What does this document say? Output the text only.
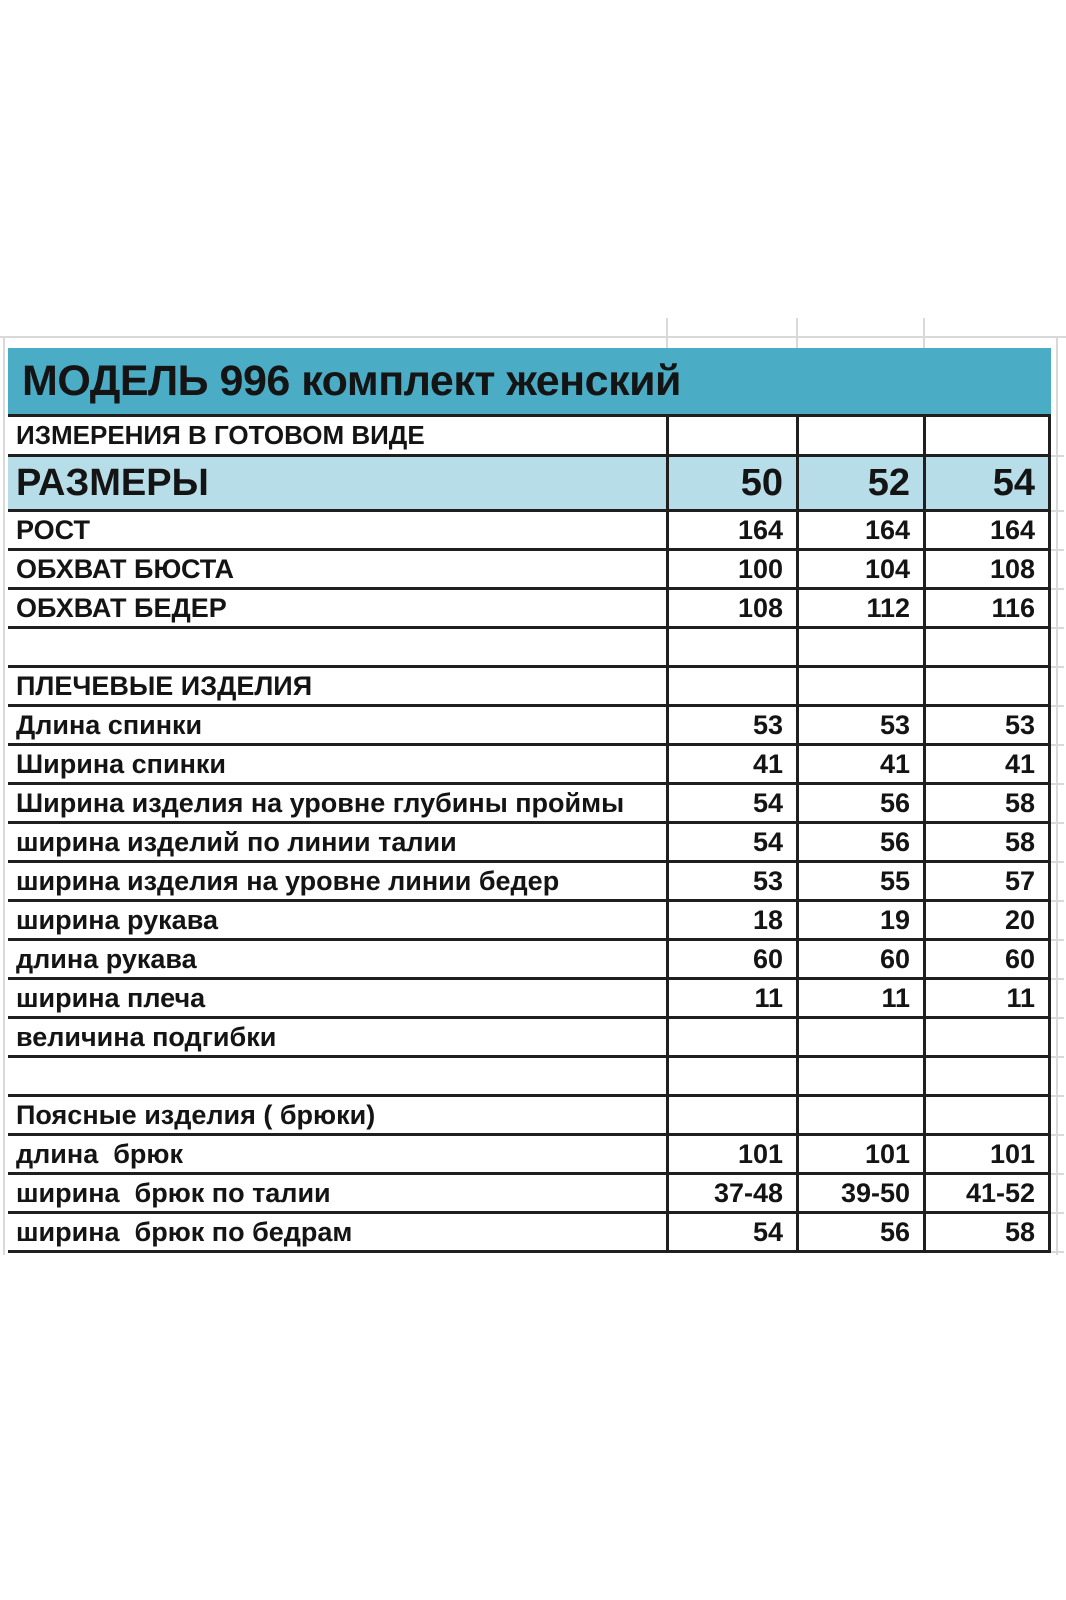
МОДЕЛЬ 996 комплект женский
ИЗМЕРЕНИЯ В ГОТОВОМ ВИДЕ
РАЗМЕРЫ	50	52	54
РОСТ	164	164	164
ОБХВАТ БЮСТА	100	104	108
ОБХВАТ БЕДЕР	108	112	116
ПЛЕЧЕВЫЕ ИЗДЕЛИЯ
Длина спинки	53	53	53
Ширина спинки	41	41	41
Ширина изделия на уровне глубины проймы	54	56	58
ширина изделий по линии талии	54	56	58
ширина изделия на уровне линии бедер	53	55	57
ширина рукава	18	19	20
длина рукава	60	60	60
ширина плеча	11	11	11
величина подгибки
Поясные изделия ( брюки)
длина  брюк	101	101	101
ширина  брюк по талии	37-48	39-50	41-52
ширина  брюк по бедрам	54	56	58
